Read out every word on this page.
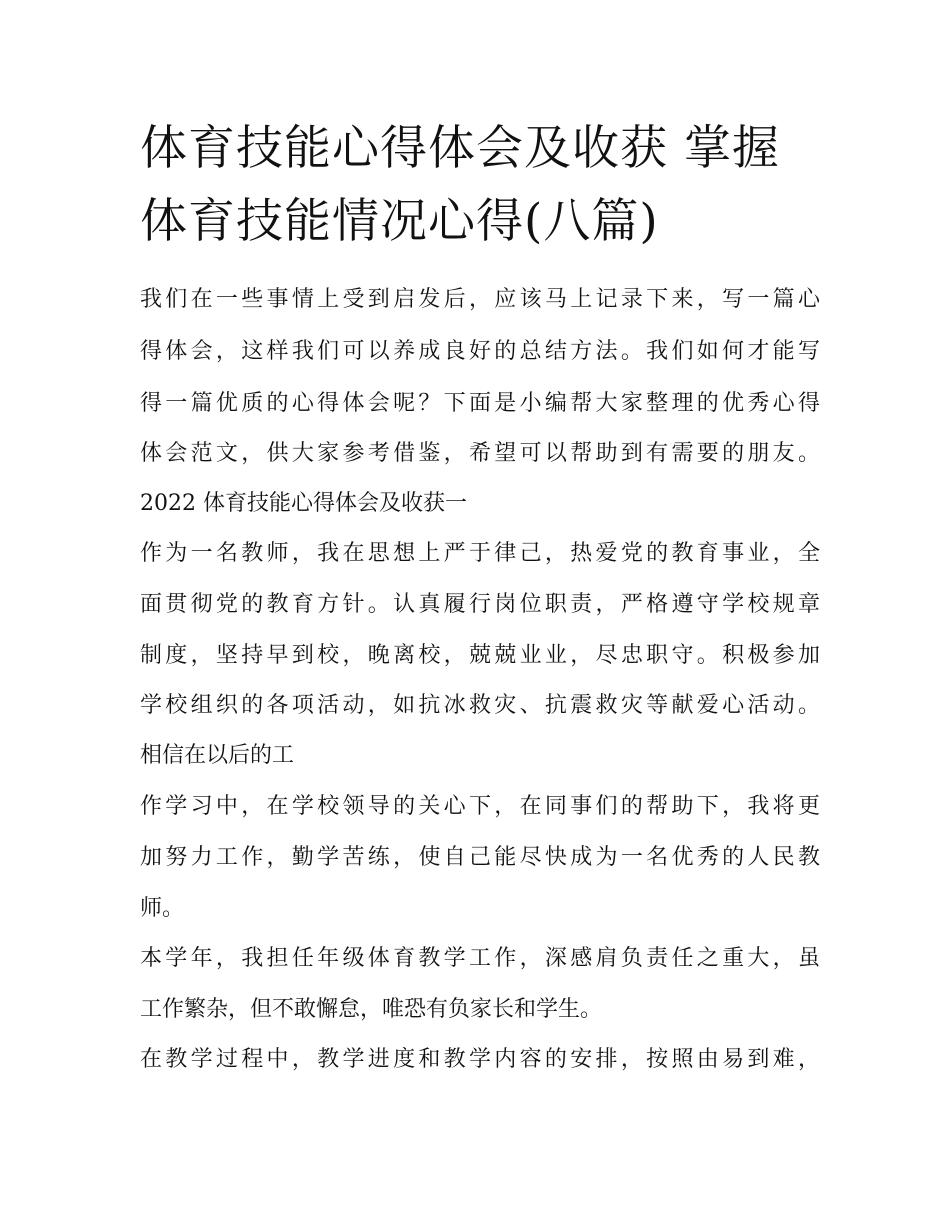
体育技能心得体会及收获 掌握
体育技能情况心得(八篇)

我们在一些事情上受到启发后，应该马上记录下来，写一篇心

得体会，这样我们可以养成良好的总结方法。我们如何才能写

得一篇优质的心得体会呢？下面是小编帮大家整理的优秀心得

体会范文，供大家参考借鉴，希望可以帮助到有需要的朋友。

2022 体育技能心得体会及收获一

作为一名教师，我在思想上严于律己，热爱党的教育事业，全

面贯彻党的教育方针。认真履行岗位职责，严格遵守学校规章

制度，坚持早到校，晚离校，兢兢业业，尽忠职守。积极参加

学校组织的各项活动，如抗冰救灾、抗震救灾等献爱心活动。

相信在以后的工

作学习中，在学校领导的关心下，在同事们的帮助下，我将更

加努力工作，勤学苦练，使自己能尽快成为一名优秀的人民教

师。

本学年，我担任年级体育教学工作，深感肩负责任之重大，虽

工作繁杂，但不敢懈怠，唯恐有负家长和学生。

在教学过程中，教学进度和教学内容的安排，按照由易到难，
